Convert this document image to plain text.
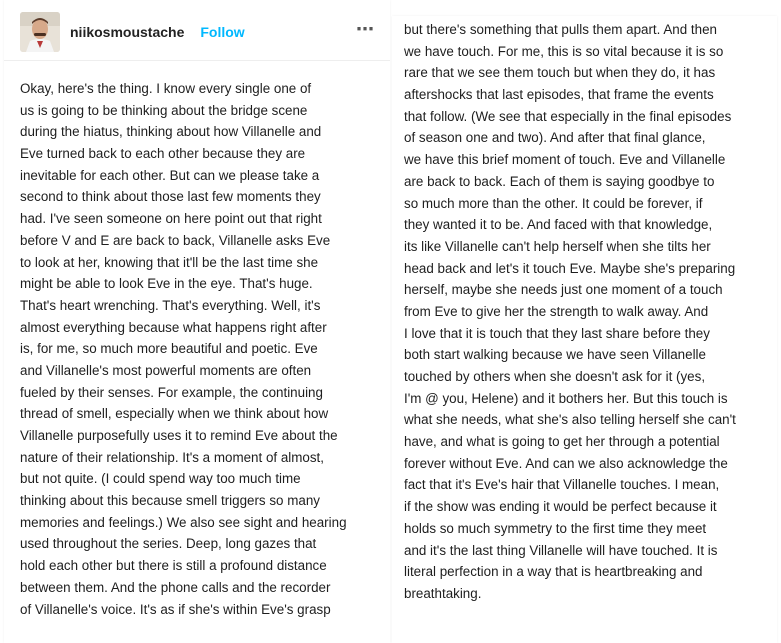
niikosmoustache Follow	⋯
Okay, here's the thing. I know every single one of
us is going to be thinking about the bridge scene
during the hiatus, thinking about how Villanelle and
Eve turned back to each other because they are
inevitable for each other. But can we please take a
second to think about those last few moments they
had. I've seen someone on here point out that right
before V and E are back to back, Villanelle asks Eve
to look at her, knowing that it'll be the last time she
might be able to look Eve in the eye. That's huge.
That's heart wrenching. That's everything. Well, it's
almost everything because what happens right after
is, for me, so much more beautiful and poetic. Eve
and Villanelle's most powerful moments are often
fueled by their senses. For example, the continuing
thread of smell, especially when we think about how
Villanelle purposefully uses it to remind Eve about the
nature of their relationship. It's a moment of almost,
but not quite. (I could spend way too much time
thinking about this because smell triggers so many
memories and feelings.) We also see sight and hearing
used throughout the series. Deep, long gazes that
hold each other but there is still a profound distance
between them. And the phone calls and the recorder
of Villanelle's voice. It's as if she's within Eve's grasp
but there's something that pulls them apart. And then
we have touch. For me, this is so vital because it is so
rare that we see them touch but when they do, it has
aftershocks that last episodes, that frame the events
that follow. (We see that especially in the final episodes
of season one and two). And after that final glance,
we have this brief moment of touch. Eve and Villanelle
are back to back. Each of them is saying goodbye to
so much more than the other. It could be forever, if
they wanted it to be. And faced with that knowledge,
its like Villanelle can't help herself when she tilts her
head back and let's it touch Eve. Maybe she's preparing
herself, maybe she needs just one moment of a touch
from Eve to give her the strength to walk away. And
I love that it is touch that they last share before they
both start walking because we have seen Villanelle
touched by others when she doesn't ask for it (yes,
I'm @ you, Helene) and it bothers her. But this touch is
what she needs, what she's also telling herself she can't
have, and what is going to get her through a potential
forever without Eve. And can we also acknowledge the
fact that it's Eve's hair that Villanelle touches. I mean,
if the show was ending it would be perfect because it
holds so much symmetry to the first time they meet
and it's the last thing Villanelle will have touched. It is
literal perfection in a way that is heartbreaking and
breathtaking.
